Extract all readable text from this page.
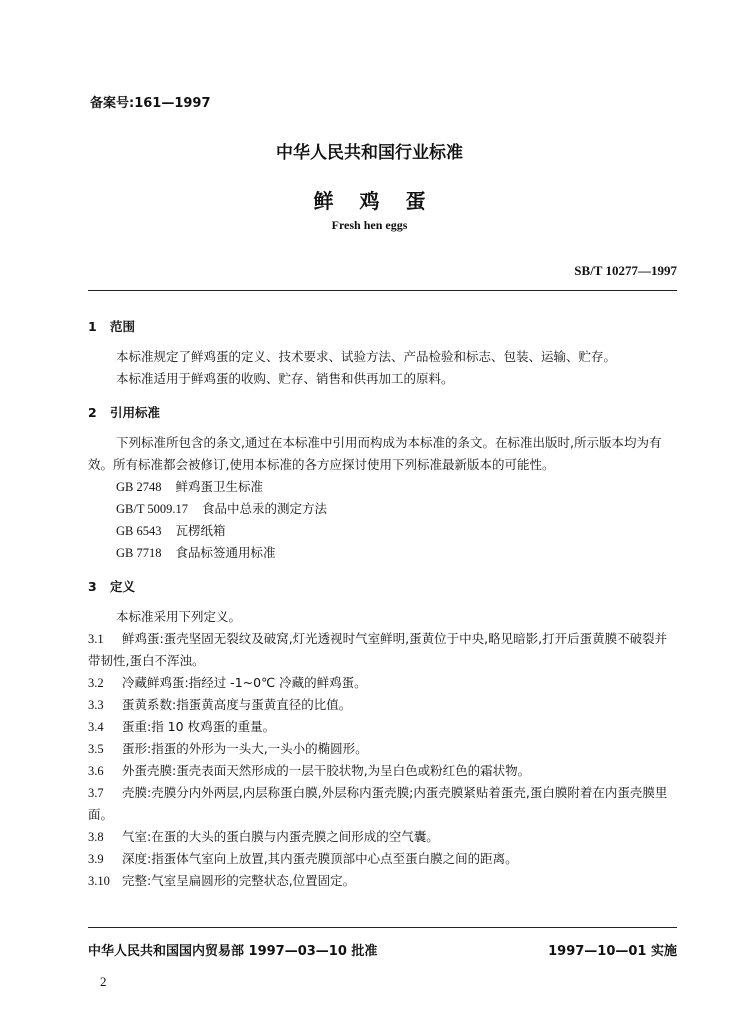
备案号:161—1997
中华人民共和国行业标准
鲜鸡蛋
Fresh hen eggs
SB/T 10277—1997
1 范围
本标准规定了鲜鸡蛋的定义、技术要求、试验方法、产品检验和标志、包装、运输、贮存。
本标准适用于鲜鸡蛋的收购、贮存、销售和供再加工的原料。
2 引用标准
下列标准所包含的条文,通过在本标准中引用而构成为本标准的条文。在标准出版时,所示版本均为有效。所有标准都会被修订,使用本标准的各方应探讨使用下列标准最新版本的可能性。
GB 2748 鲜鸡蛋卫生标准
GB/T 5009.17 食品中总汞的测定方法
GB 6543 瓦楞纸箱
GB 7718 食品标签通用标准
3 定义
本标准采用下列定义。
3.1 鲜鸡蛋:蛋壳坚固无裂纹及破窝,灯光透视时气室鲜明,蛋黄位于中央,略见暗影,打开后蛋黄膜不破裂并带韧性,蛋白不浑浊。
3.2 冷藏鲜鸡蛋:指经过 -1~0℃ 冷藏的鲜鸡蛋。
3.3 蛋黄系数:指蛋黄高度与蛋黄直径的比值。
3.4 蛋重:指 10 枚鸡蛋的重量。
3.5 蛋形:指蛋的外形为一头大,一头小的椭圆形。
3.6 外蛋壳膜:蛋壳表面天然形成的一层干胶状物,为呈白色或粉红色的霜状物。
3.7 壳膜:壳膜分内外两层,内层称蛋白膜,外层称内蛋壳膜;内蛋壳膜紧贴着蛋壳,蛋白膜附着在内蛋壳膜里面。
3.8 气室:在蛋的大头的蛋白膜与内蛋壳膜之间形成的空气囊。
3.9 深度:指蛋体气室向上放置,其内蛋壳膜顶部中心点至蛋白膜之间的距离。
3.10 完整:气室呈扁圆形的完整状态,位置固定。
中华人民共和国国内贸易部 1997—03—10 批准	1997—10—01 实施
2
